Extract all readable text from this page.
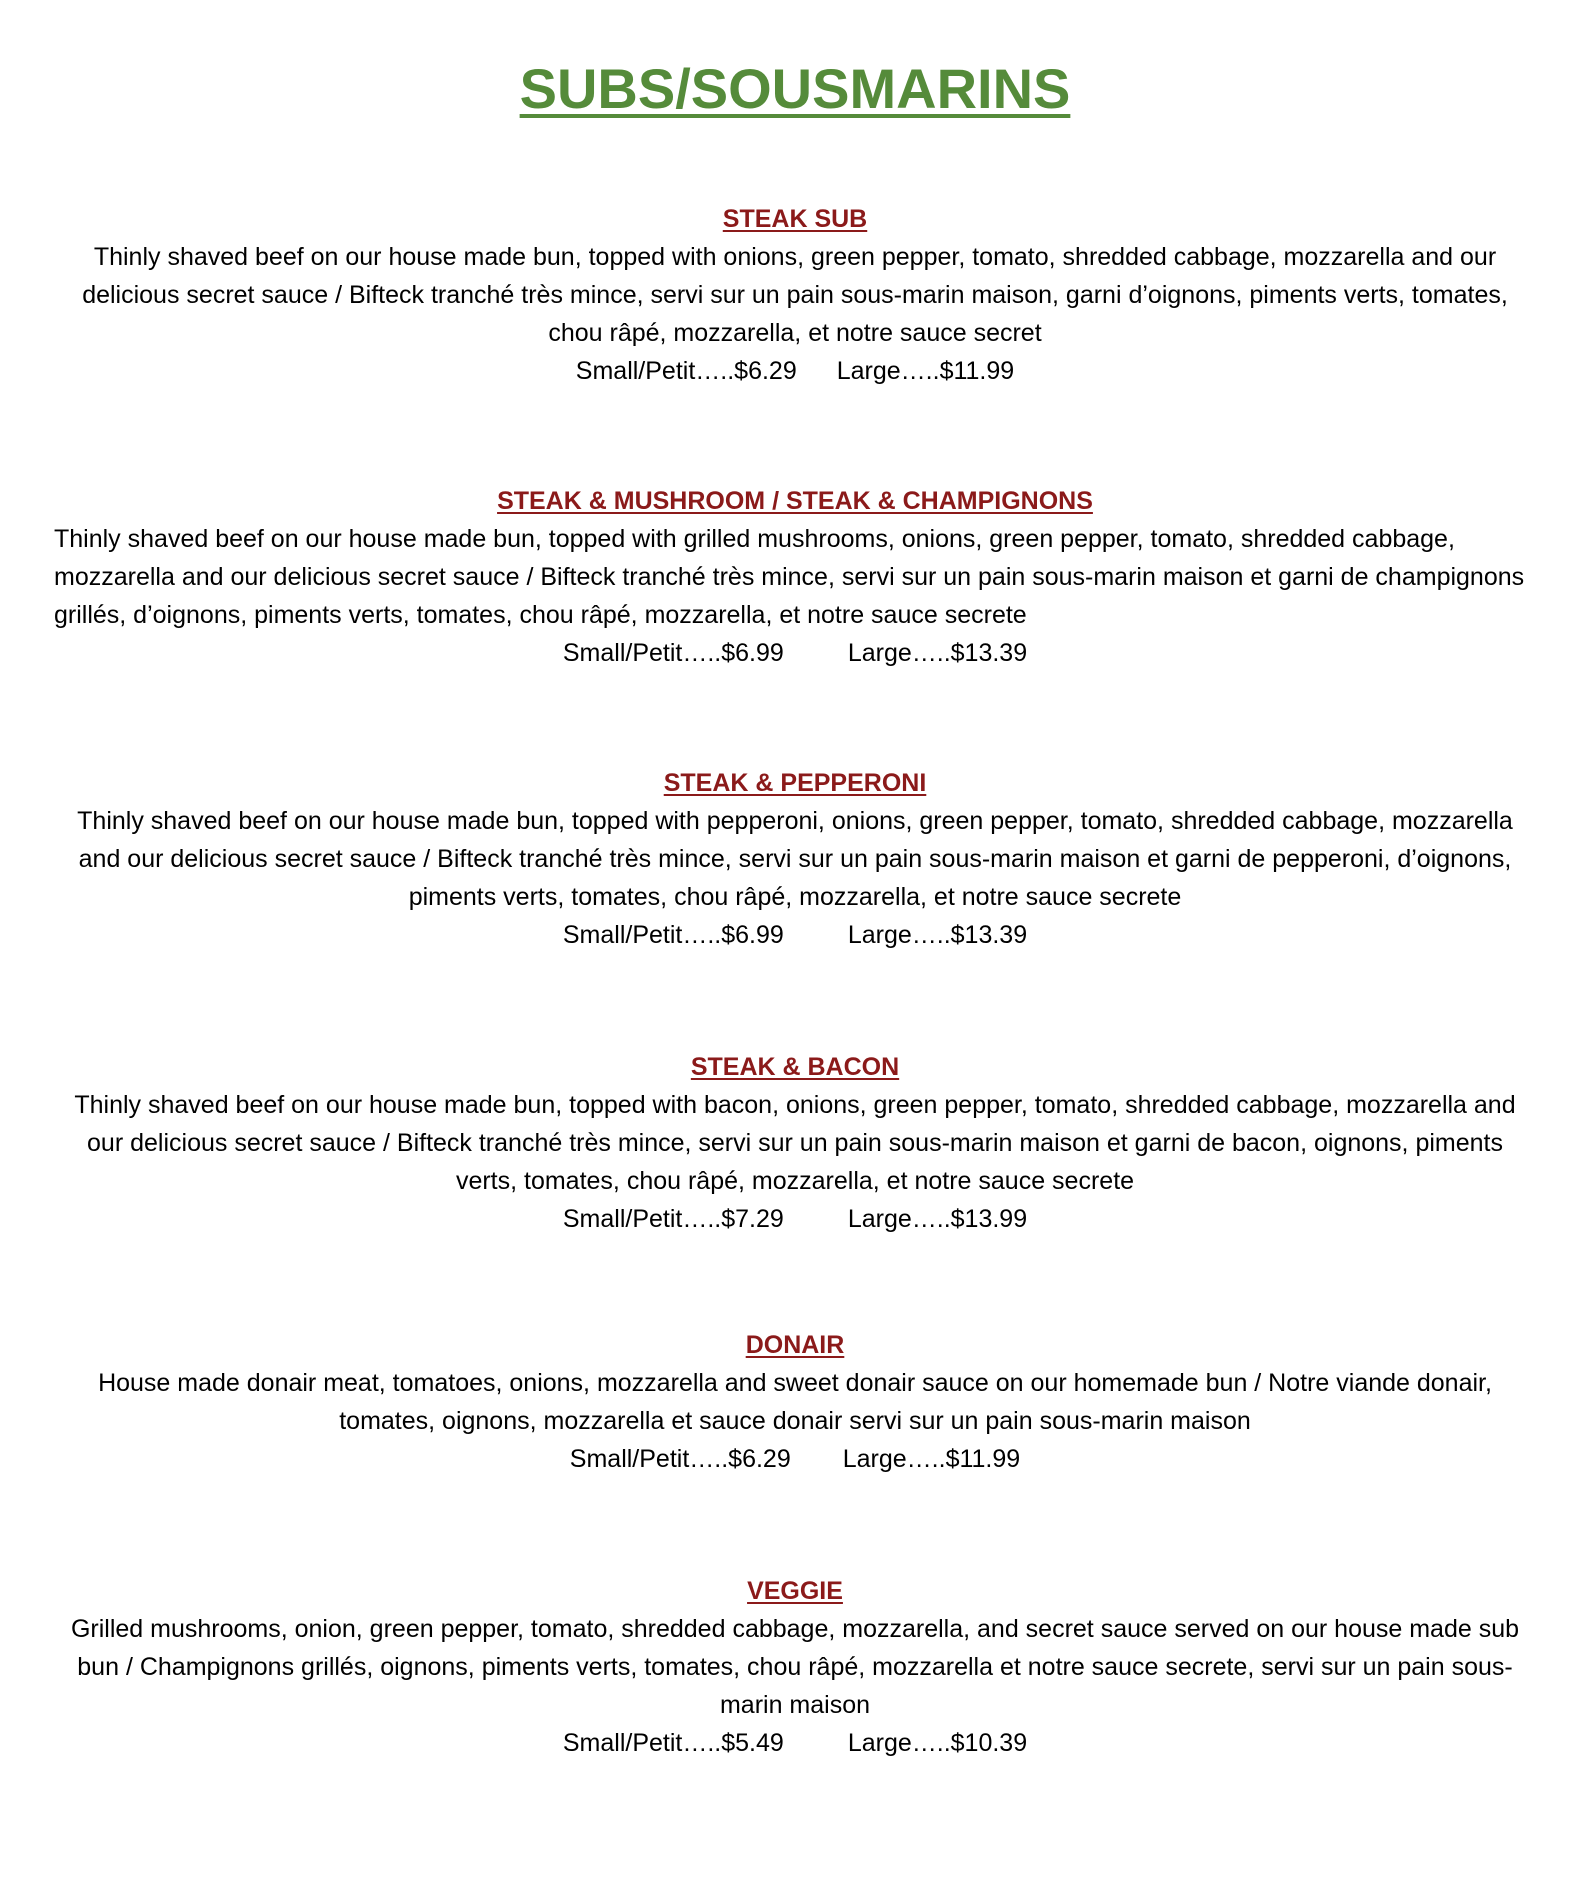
SUBS/SOUSMARINS
STEAK SUB

Thinly shaved beef on our house made bun, topped with onions, green pepper, tomato, shredded cabbage, mozzarella and our delicious secret sauce / Bifteck tranché très mince, servi sur un pain sous-marin maison, garni d’oignons, piments verts, tomates, chou râpé, mozzarella, et notre sauce secret

Small/Petit…..$6.29 Large…..$11.99
STEAK & MUSHROOM / STEAK & CHAMPIGNONS

Thinly shaved beef on our house made bun, topped with grilled mushrooms, onions, green pepper, tomato, shredded cabbage, mozzarella and our delicious secret sauce / Bifteck tranché très mince, servi sur un pain sous-marin maison et garni de champignons grillés, d’oignons, piments verts, tomates, chou râpé, mozzarella, et notre sauce secrete

Small/Petit…..$6.99	Large…..$13.39
STEAK & PEPPERONI

Thinly shaved beef on our house made bun, topped with pepperoni, onions, green pepper, tomato, shredded cabbage, mozzarella and our delicious secret sauce / Bifteck tranché très mince, servi sur un pain sous-marin maison et garni de pepperoni, d’oignons, piments verts, tomates, chou râpé, mozzarella, et notre sauce secrete

Small/Petit…..$6.99	Large…..$13.39
STEAK & BACON

Thinly shaved beef on our house made bun, topped with bacon, onions, green pepper, tomato, shredded cabbage, mozzarella and our delicious secret sauce / Bifteck tranché très mince, servi sur un pain sous-marin maison et garni de bacon, oignons, piments verts, tomates, chou râpé, mozzarella, et notre sauce secrete

Small/Petit…..$7.29	Large…..$13.99
DONAIR

House made donair meat, tomatoes, onions, mozzarella and sweet donair sauce on our homemade bun / Notre viande donair, tomates, oignons, mozzarella et sauce donair servi sur un pain sous-marin maison

Small/Petit…..$6.29 Large…..$11.99
VEGGIE

Grilled mushrooms, onion, green pepper, tomato, shredded cabbage, mozzarella, and secret sauce served on our house made sub bun / Champignons grillés, oignons, piments verts, tomates, chou râpé, mozzarella et notre sauce secrete, servi sur un pain sous-marin maison

Small/Petit…..$5.49	Large…..$10.39
